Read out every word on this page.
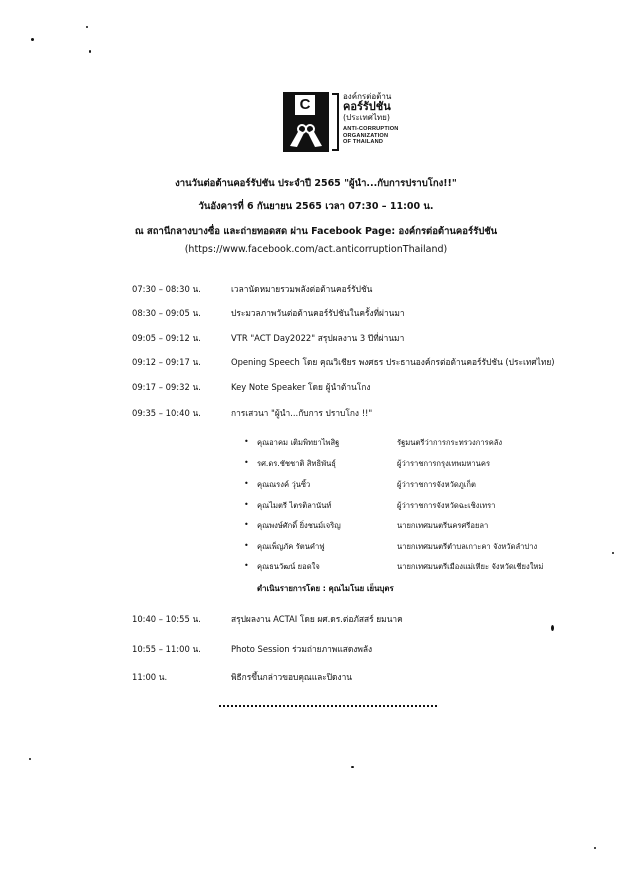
C	องค์กรต่อต้าน
คอร์รัปชัน
(ประเทศไทย)
ANTI-CORRUPTION
ORGANIZATION
OF THAILAND
งานวันต่อต้านคอร์รัปชัน ประจำปี 2565 "ผู้นำ...กับการปราบโกง!!"
วันอังคารที่ 6 กันยายน 2565 เวลา 07:30 – 11:00 น.
ณ สถานีกลางบางซื่อ และถ่ายทอดสด ผ่าน Facebook Page: องค์กรต่อต้านคอร์รัปชัน
(https://www.facebook.com/act.anticorruptionThailand)
07:30 – 08:30 น.	เวลานัดหมายรวมพลังต่อต้านคอร์รัปชัน
08:30 – 09:05 น.	ประมวลภาพวันต่อต้านคอร์รัปชันในครั้งที่ผ่านมา
09:05 – 09:12 น.	VTR "ACT Day2022" สรุปผลงาน 3 ปีที่ผ่านมา
09:12 – 09:17 น.	Opening Speech โดย คุณวิเชียร พงศธร ประธานองค์กรต่อต้านคอร์รัปชัน (ประเทศไทย)
09:17 – 09:32 น.	Key Note Speaker โดย ผู้นำต้านโกง
09:35 – 10:40 น.	การเสวนา "ผู้นำ...กับการ ปราบโกง !!"
• คุณอาคม เติมพิทยาไพสิฐ	รัฐมนตรีว่าการกระทรวงการคลัง
• รศ.ดร.ชัชชาติ สิทธิพันธุ์	ผู้ว่าราชการกรุงเทพมหานคร
• คุณณรงค์ วุ่นซิ้ว	ผู้ว่าราชการจังหวัดภูเก็ต
• คุณไมตรี ไตรติลานันท์	ผู้ว่าราชการจังหวัดฉะเชิงเทรา
• คุณพงษ์ศักดิ์ ยิ่งชนม์เจริญ	นายกเทศมนตรีนครศรีอยลา
• คุณเพ็ญภัค รัตนคำฟู	นายกเทศมนตรีตำบลเกาะคา จังหวัดลำปาง
• คุณธนวัฒน์ ยอดใจ	นายกเทศมนตรีเมืองแม่เหียะ จังหวัดเชียงใหม่
ดำเนินรายการโดย : คุณไมโนย เย็นบุตร
10:40 – 10:55 น.	สรุปผลงาน ACTAI โดย ผศ.ดร.ต่อภัสสร์ ยมนาค
10:55 – 11:00 น.	Photo Session ร่วมถ่ายภาพแสดงพลัง
11:00 น.	พิธีกรขึ้นกล่าวขอบคุณและปิดงาน
